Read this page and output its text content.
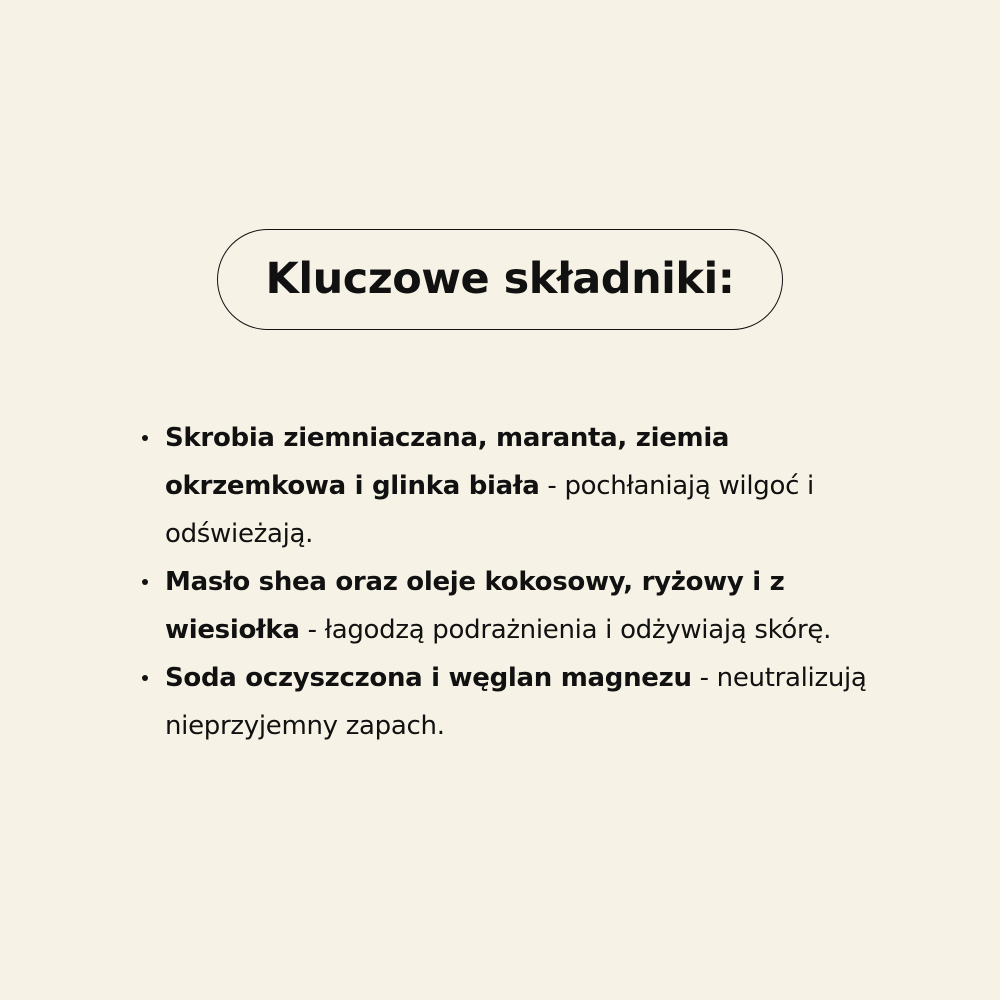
Kluczowe składniki:
Skrobia ziemniaczana, maranta, ziemia okrzemkowa i glinka biała - pochłaniają wilgoć i odświeżają.
Masło shea oraz oleje kokosowy, ryżowy i z wiesiołka - łagodzą podrażnienia i odżywiają skórę.
Soda oczyszczona i węglan magnezu - neutralizują nieprzyjemny zapach.
